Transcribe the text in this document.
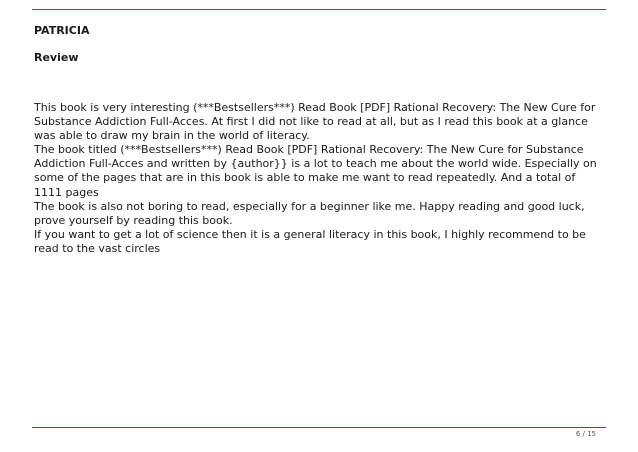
PATRICIA
Review

This book is very interesting (***Bestsellers***) Read Book [PDF] Rational Recovery: The New Cure for Substance Addiction Full-Acces. At first I did not like to read at all, but as I read this book at a glance was able to draw my brain in the world of literacy.

The book titled (***Bestsellers***) Read Book [PDF] Rational Recovery: The New Cure for Substance Addiction Full-Acces and written by {author}} is a lot to teach me about the world wide. Especially on some of the pages that are in this book is able to make me want to read repeatedly. And a total of 1111 pages

The book is also not boring to read, especially for a beginner like me. Happy reading and good luck, prove yourself by reading this book.

If you want to get a lot of science then it is a general literacy in this book, I highly recommend to be read to the vast circles

6 / 15
